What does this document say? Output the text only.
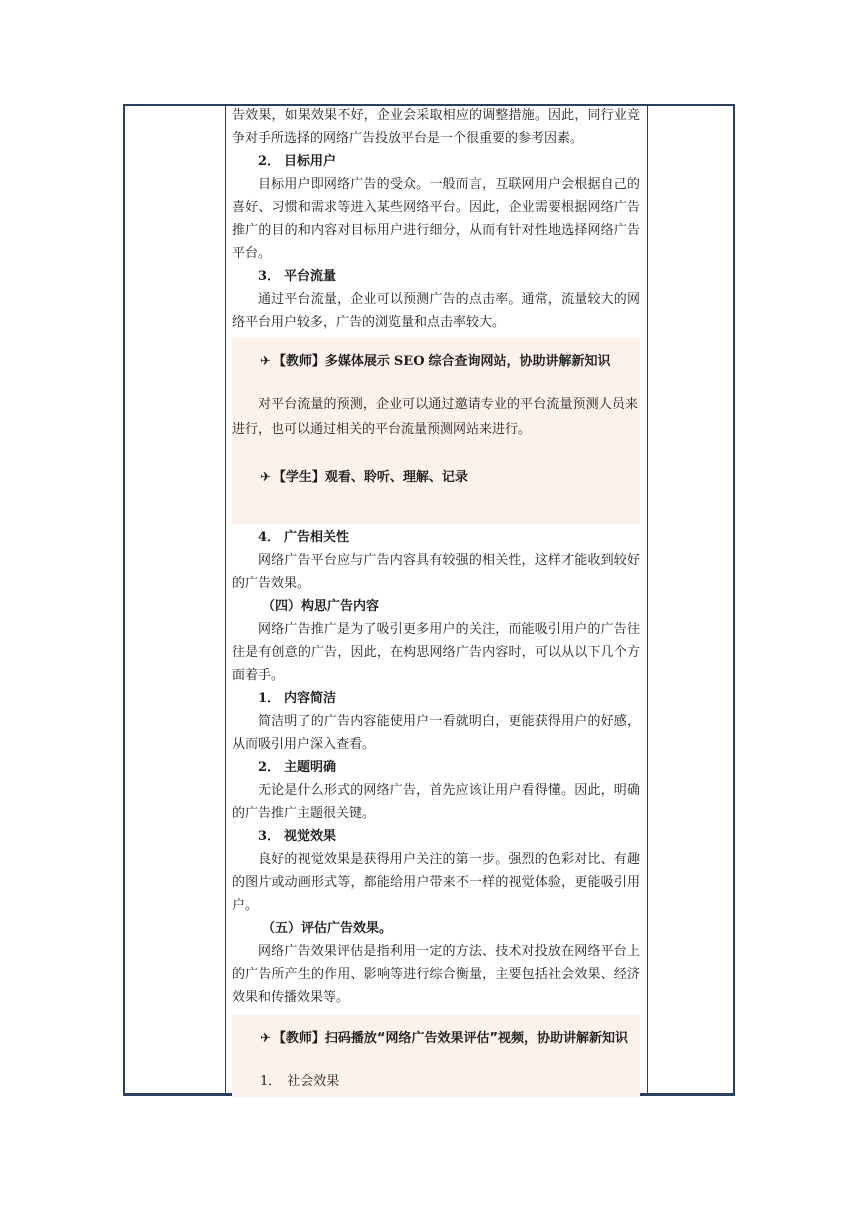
告效果，如果效果不好，企业会采取相应的调整措施。因此，同行业竞争对手所选择的网络广告投放平台是一个很重要的参考因素。

2． 目标用户

目标用户即网络广告的受众。一般而言，互联网用户会根据自己的喜好、习惯和需求等进入某些网络平台。因此，企业需要根据网络广告推广的目的和内容对目标用户进行细分，从而有针对性地选择网络广告平台。

3． 平台流量

通过平台流量，企业可以预测广告的点击率。通常，流量较大的网络平台用户较多，广告的浏览量和点击率较大。

✈ 【教师】多媒体展示 SEO 综合查询网站，协助讲解新知识

对平台流量的预测，企业可以通过邀请专业的平台流量预测人员来进行，也可以通过相关的平台流量预测网站来进行。

✈ 【学生】观看、聆听、理解、记录

4． 广告相关性

网络广告平台应与广告内容具有较强的相关性，这样才能收到较好的广告效果。

（四）构思广告内容

网络广告推广是为了吸引更多用户的关注，而能吸引用户的广告往往是有创意的广告，因此，在构思网络广告内容时，可以从以下几个方面着手。

1． 内容简洁

简洁明了的广告内容能使用户一看就明白，更能获得用户的好感，从而吸引用户深入查看。

2． 主题明确

无论是什么形式的网络广告，首先应该让用户看得懂。因此，明确的广告推广主题很关键。

3． 视觉效果

良好的视觉效果是获得用户关注的第一步。强烈的色彩对比、有趣的图片或动画形式等，都能给用户带来不一样的视觉体验，更能吸引用户。

（五）评估广告效果。

网络广告效果评估是指利用一定的方法、技术对投放在网络平台上的广告所产生的作用、影响等进行综合衡量，主要包括社会效果、经济效果和传播效果等。

✈ 【教师】扫码播放“网络广告效果评估”视频，协助讲解新知识

1． 社会效果
